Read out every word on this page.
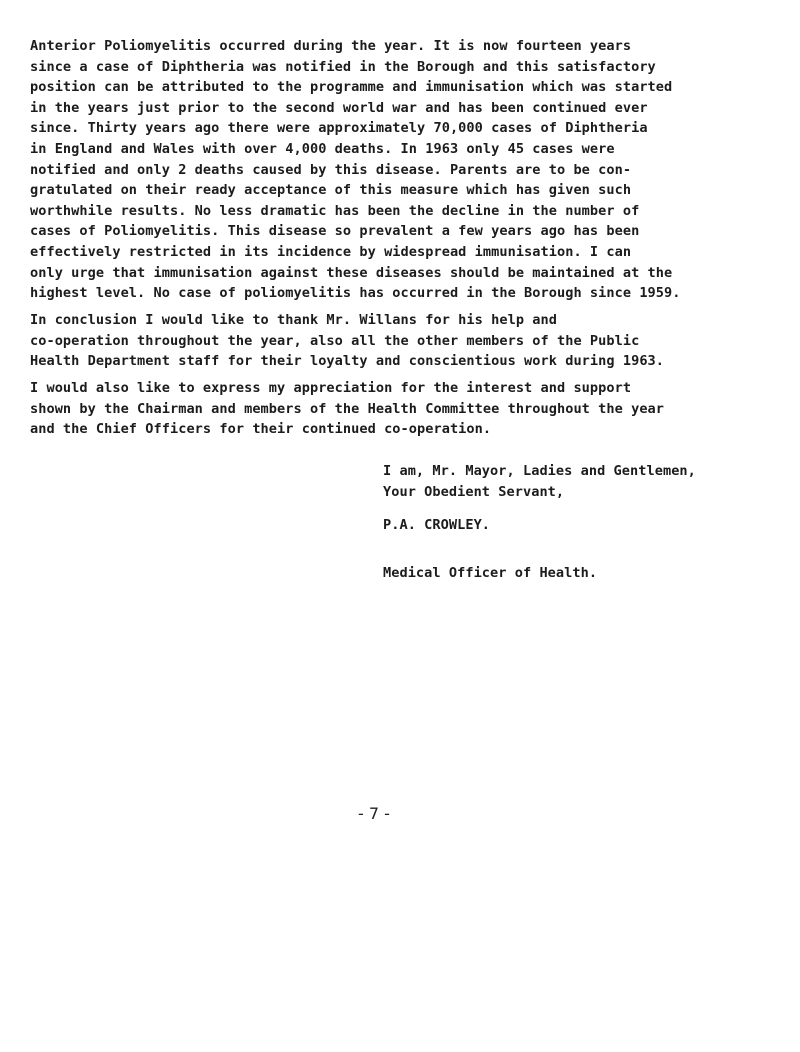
Anterior Poliomyelitis occurred during the year. It is now fourteen years
since a case of Diphtheria was notified in the Borough and this satisfactory
position can be attributed to the programme and immunisation which was started
in the years just prior to the second world war and has been continued ever
since. Thirty years ago there were approximately 70,000 cases of Diphtheria
in England and Wales with over 4,000 deaths. In 1963 only 45 cases were
notified and only 2 deaths caused by this disease. Parents are to be con-
gratulated on their ready acceptance of this measure which has given such
worthwhile results. No less dramatic has been the decline in the number of
cases of Poliomyelitis. This disease so prevalent a few years ago has been
effectively restricted in its incidence by widespread immunisation. I can
only urge that immunisation against these diseases should be maintained at the
highest level. No case of poliomyelitis has occurred in the Borough since 1959.
In conclusion I would like to thank Mr. Willans for his help and
co-operation throughout the year, also all the other members of the Public
Health Department staff for their loyalty and conscientious work during 1963.
I would also like to express my appreciation for the interest and support
shown by the Chairman and members of the Health Committee throughout the year
and the Chief Officers for their continued co-operation.
I am, Mr. Mayor, Ladies and Gentlemen,
Your Obedient Servant,
P.A. CROWLEY.
Medical Officer of Health.
- 7 -
